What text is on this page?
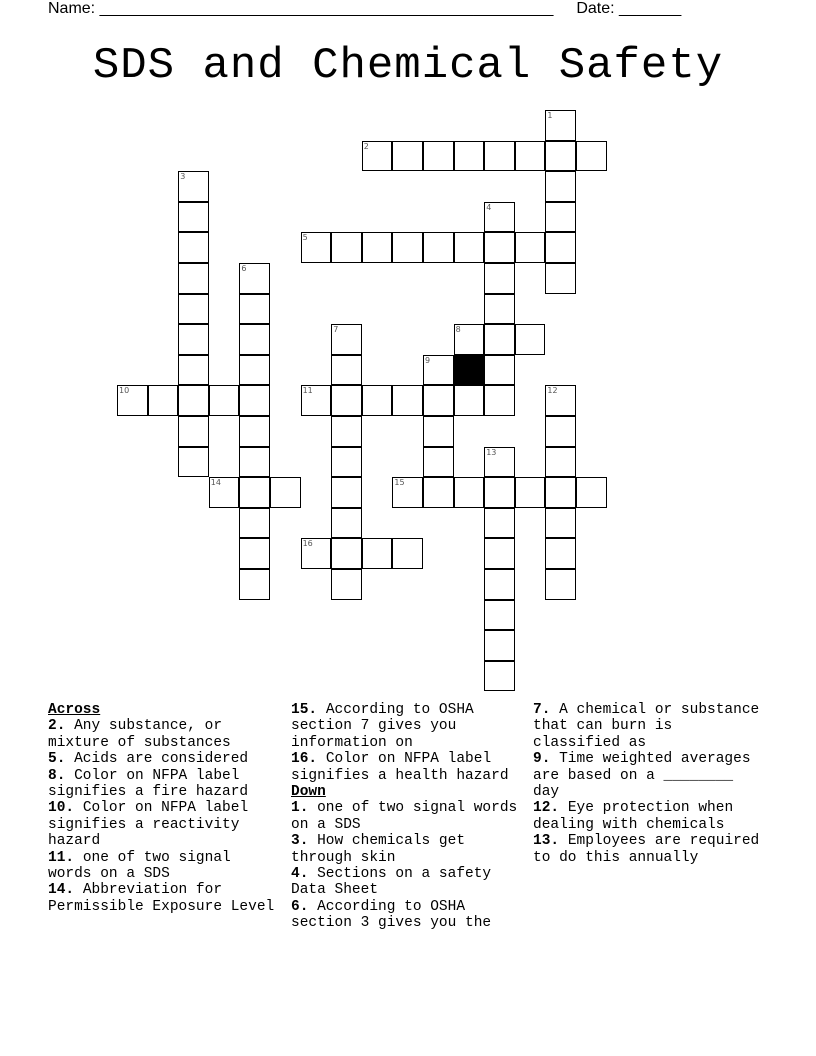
Name: ___________________________________________________ Date: _______
SDS and Chemical Safety
1
2
3
4
5
6
7	8
9
10	11	12
13
14	15
16

Across

2. Any substance, or mixture of substances

5. Acids are considered

8. Color on NFPA label signifies a fire hazard

10. Color on NFPA label signifies a reactivity hazard

11. one of two signal words on a SDS

14. Abbreviation for Permissible Exposure Level

15. According to OSHA section 7 gives you information on

16. Color on NFPA label signifies a health hazard

Down

1. one of two signal words on a SDS

3. How chemicals get through skin

4. Sections on a safety Data Sheet

6. According to OSHA section 3 gives you the

7. A chemical or substance that can burn is classified as

9. Time weighted averages are based on a ________ day

12. Eye protection when dealing with chemicals

13. Employees are required to do this annually
